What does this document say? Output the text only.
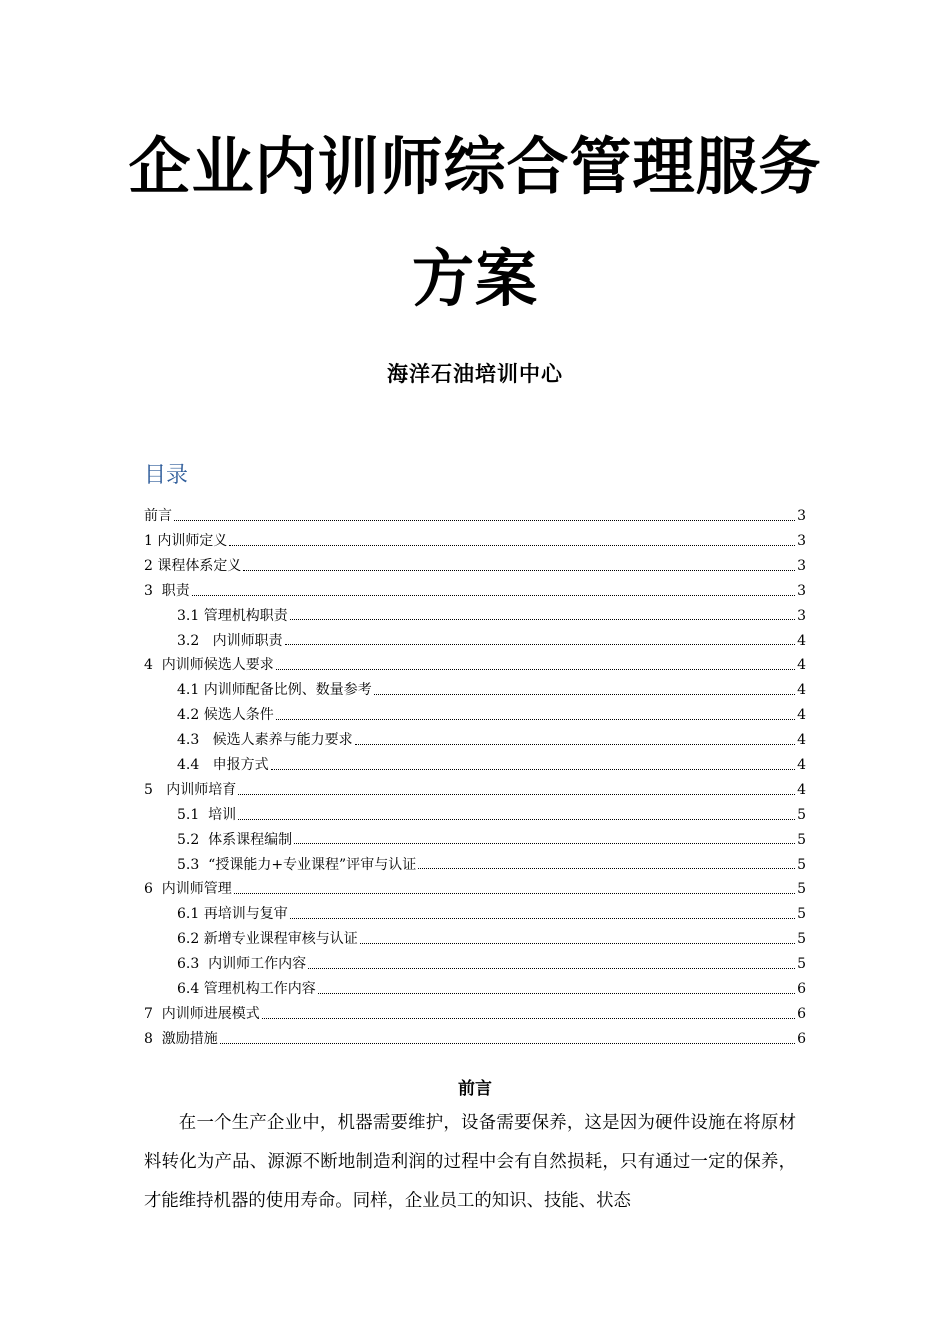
企业内训师综合管理服务
方案
海洋石油培训中心
目录
前言	3
1 内训师定义	3
2 课程体系定义	3
3  职责	3
3.1 管理机构职责	3
3.2   内训师职责	4
4  内训师候选人要求	4
4.1 内训师配备比例、数量参考	4
4.2 候选人条件	4
4.3   候选人素养与能力要求	4
4.4   申报方式	4
5   内训师培育	4
5.1  培训	5
5.2  体系课程编制	5
5.3  “授课能力+专业课程”评审与认证	5
6  内训师管理	5
6.1 再培训与复审	5
6.2 新增专业课程审核与认证	5
6.3  内训师工作内容	5
6.4 管理机构工作内容	6
7  内训师进展模式	6
8  激励措施	6
前言
在一个生产企业中，机器需要维护，设备需要保养，这是因为硬件设施在将原材料转化为产品、源源不断地制造利润的过程中会有自然损耗，只有通过一定的保养，才能维持机器的使用寿命。同样，企业员工的知识、技能、状态
